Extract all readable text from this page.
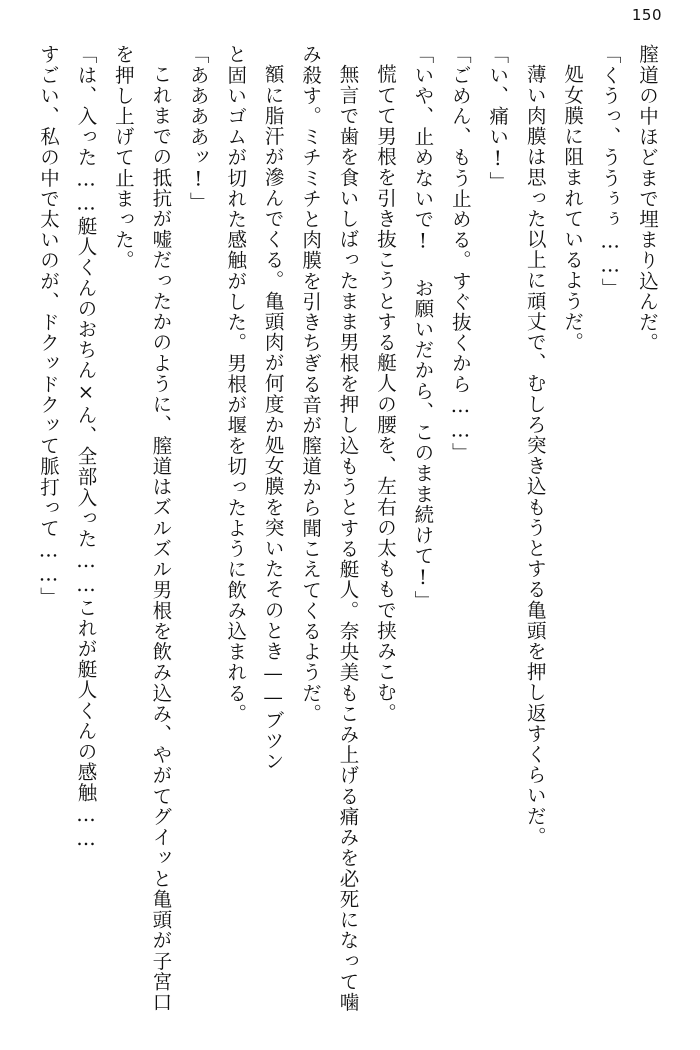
150

膣道の中ほどまで埋まり込んだ。

「くうっ、ううぅぅ……」

処女膜に阻まれているようだ。

薄い肉膜は思った以上に頑丈で、むしろ突き込もうとする亀頭を押し返すくらいだ。

「い、痛い!」

「ごめん、もう止める。すぐ抜くから……」

「いや、止めないで! お願いだから、このまま続けて!」

慌てて男根を引き抜こうとする艇人の腰を、左右の太ももで挟みこむ。

無言で歯を食いしばったまま男根を押し込もうとする艇人。奈央美もこみ上げる痛みを必死になって噛み殺す。ミチミチと肉膜を引きちぎる音が膣道から聞こえてくるようだ。

額に脂汗が滲んでくる。亀頭肉が何度か処女膜を突いたそのとき——ブツン

と固いゴムが切れた感触がした。男根が堰を切ったように飲み込まれる。

「ああああッ!」

これまでの抵抗が嘘だったかのように、膣道はズルズル男根を飲み込み、やがてグイッと亀頭が子宮口を押し上げて止まった。

「は、入った……艇人くんのおちん×ん、全部入った……これが艇人くんの感触……

すごい、私の中で太いのが、ドクッドクッて脈打って……」
